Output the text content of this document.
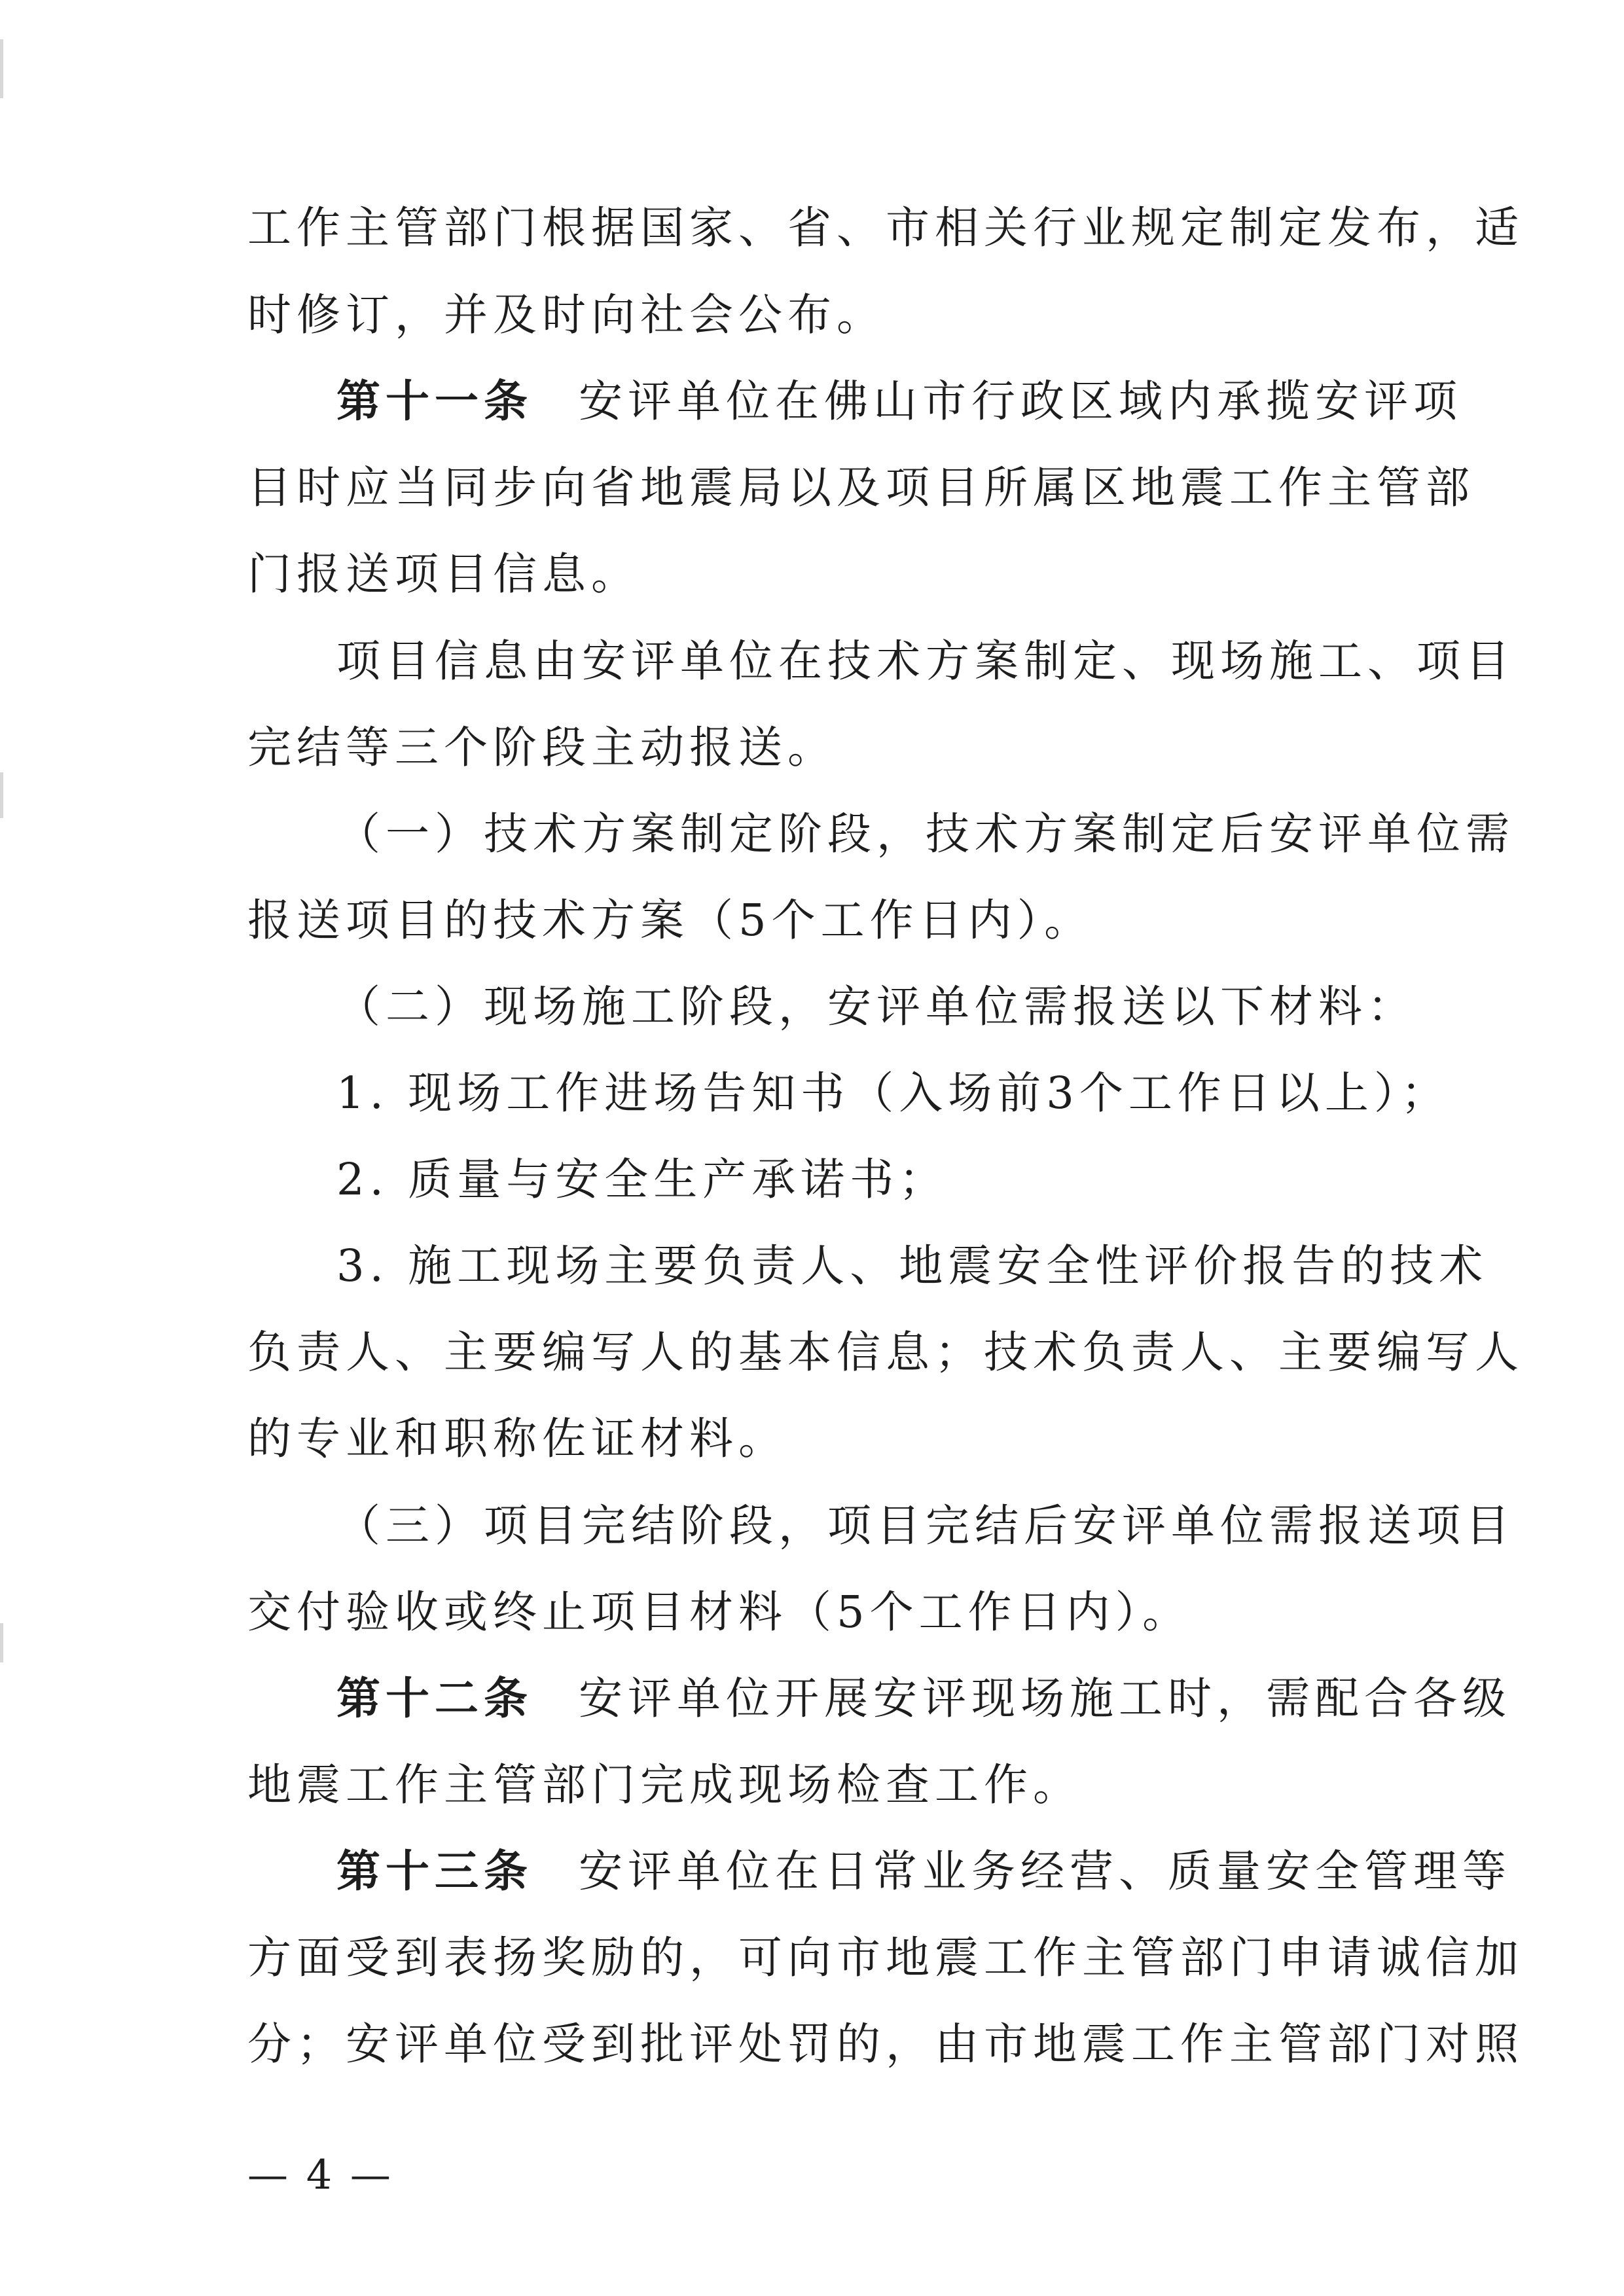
工作主管部门根据国家、省、市相关行业规定制定发布，适
时修订，并及时向社会公布。
第十一条 安评单位在佛山市行政区域内承揽安评项
目时应当同步向省地震局以及项目所属区地震工作主管部
门报送项目信息。
项目信息由安评单位在技术方案制定、现场施工、项目
完结等三个阶段主动报送。
（一）技术方案制定阶段，技术方案制定后安评单位需
报送项目的技术方案（5个工作日内）。
（二）现场施工阶段，安评单位需报送以下材料：
1. 现场工作进场告知书（入场前3个工作日以上）；
2. 质量与安全生产承诺书；
3. 施工现场主要负责人、地震安全性评价报告的技术
负责人、主要编写人的基本信息；技术负责人、主要编写人
的专业和职称佐证材料。
（三）项目完结阶段，项目完结后安评单位需报送项目
交付验收或终止项目材料（5个工作日内）。
第十二条 安评单位开展安评现场施工时，需配合各级
地震工作主管部门完成现场检查工作。
第十三条 安评单位在日常业务经营、质量安全管理等
方面受到表扬奖励的，可向市地震工作主管部门申请诚信加
分；安评单位受到批评处罚的，由市地震工作主管部门对照
— 4 —
